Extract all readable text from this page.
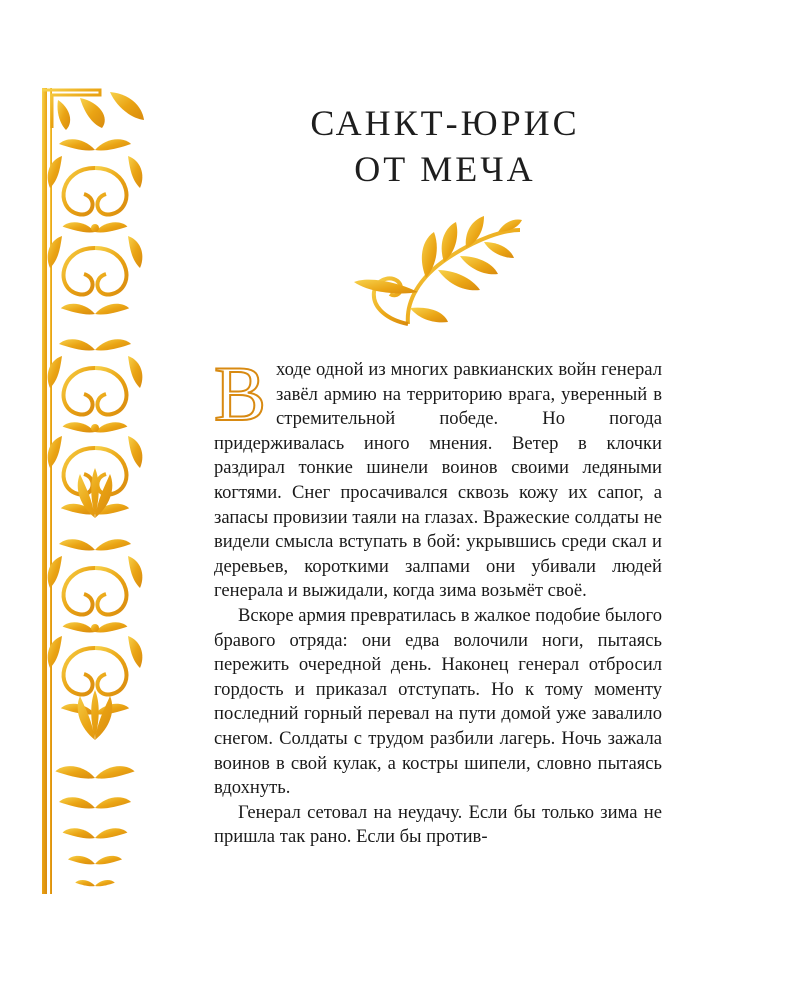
САНКТ-ЮРИС
ОТ МЕЧА

Входе одной из многих равкианских войн генерал завёл армию на территорию врага, уверенный в стремительной победе. Но погода придерживалась иного мнения. Ветер в клочки раздирал тонкие шинели воинов своими ледяными когтями. Снег просачивался сквозь кожу их сапог, а запасы провизии таяли на глазах. Вражеские солдаты не видели смысла вступать в бой: укрывшись среди скал и деревьев, короткими залпами они убивали людей генерала и выжидали, когда зима возьмёт своё.

Вскоре армия превратилась в жалкое подобие былого бравого отряда: они едва волочили ноги, пытаясь пережить очередной день. Наконец генерал отбросил гордость и приказал отступать. Но к тому моменту последний горный перевал на пути домой уже завалило снегом. Солдаты с трудом разбили лагерь. Ночь зажала воинов в свой кулак, а костры шипели, словно пытаясь вдохнуть.

Генерал сетовал на неудачу. Если бы только зима не пришла так рано. Если бы против-
